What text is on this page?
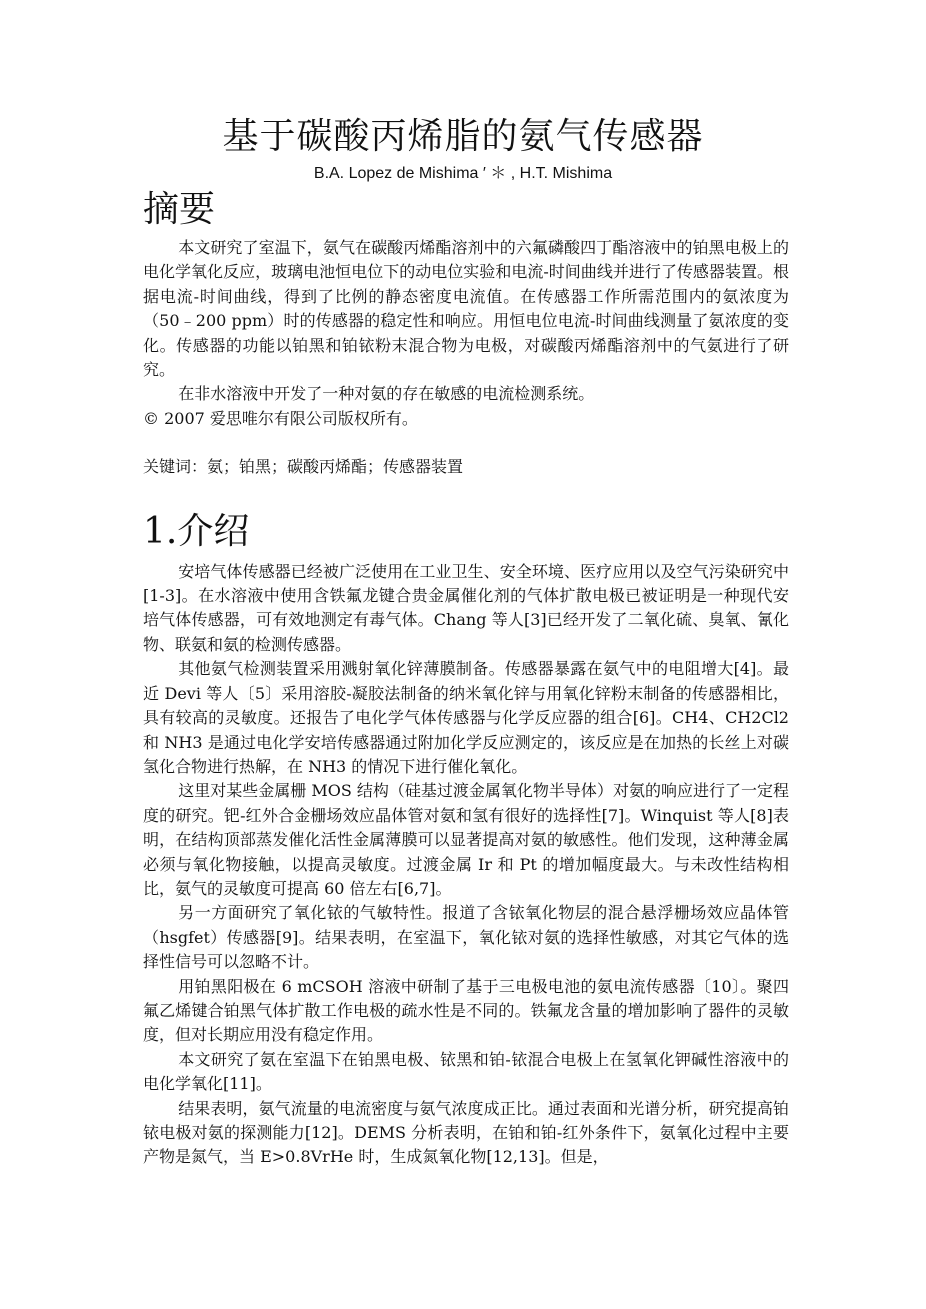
基于碳酸丙烯脂的氨气传感器
B.A. Lopez de Mishima ′ ＊ , H.T. Mishima
摘要

本文研究了室温下，氨气在碳酸丙烯酯溶剂中的六氟磷酸四丁酯溶液中的铂黑电极上的电化学氧化反应，玻璃电池恒电位下的动电位实验和电流-时间曲线并进行了传感器装置。根据电流-时间曲线，得到了比例的静态密度电流值。在传感器工作所需范围内的氨浓度为（50﹣200 ppm）时的传感器的稳定性和响应。用恒电位电流-时间曲线测量了氨浓度的变化。传感器的功能以铂黑和铂铱粉末混合物为电极，对碳酸丙烯酯溶剂中的气氨进行了研究。

在非水溶液中开发了一种对氨的存在敏感的电流检测系统。

© 2007 爱思唯尔有限公司版权所有。

关键词：氨；铂黑；碳酸丙烯酯；传感器装置

1.介绍

安培气体传感器已经被广泛使用在工业卫生、安全环境、医疗应用以及空气污染研究中[1-3]。在水溶液中使用含铁氟龙键合贵金属催化剂的气体扩散电极已被证明是一种现代安培气体传感器，可有效地测定有毒气体。Chang 等人[3]已经开发了二氧化硫、臭氧、氰化物、联氨和氨的检测传感器。

其他氨气检测装置采用溅射氧化锌薄膜制备。传感器暴露在氨气中的电阻增大[4]。最近 Devi 等人〔5〕采用溶胶-凝胶法制备的纳米氧化锌与用氧化锌粉末制备的传感器相比，具有较高的灵敏度。还报告了电化学气体传感器与化学反应器的组合[6]。CH4、CH2Cl2 和 NH3 是通过电化学安培传感器通过附加化学反应测定的，该反应是在加热的长丝上对碳氢化合物进行热解，在 NH3 的情况下进行催化氧化。

这里对某些金属栅 MOS 结构（硅基过渡金属氧化物半导体）对氨的响应进行了一定程度的研究。钯-红外合金栅场效应晶体管对氨和氢有很好的选择性[7]。Winquist 等人[8]表明，在结构顶部蒸发催化活性金属薄膜可以显著提高对氨的敏感性。他们发现，这种薄金属必须与氧化物接触，以提高灵敏度。过渡金属 Ir 和 Pt 的增加幅度最大。与未改性结构相比，氨气的灵敏度可提高 60 倍左右[6,7]。

另一方面研究了氧化铱的气敏特性。报道了含铱氧化物层的混合悬浮栅场效应晶体管（hsgfet）传感器[9]。结果表明，在室温下，氧化铱对氨的选择性敏感，对其它气体的选择性信号可以忽略不计。

用铂黑阳极在 6 mCSOH 溶液中研制了基于三电极电池的氨电流传感器〔10〕。聚四氟乙烯键合铂黑气体扩散工作电极的疏水性是不同的。铁氟龙含量的增加影响了器件的灵敏度，但对长期应用没有稳定作用。

本文研究了氨在室温下在铂黑电极、铱黑和铂-铱混合电极上在氢氧化钾碱性溶液中的电化学氧化[11]。

结果表明，氨气流量的电流密度与氨气浓度成正比。通过表面和光谱分析，研究提高铂铱电极对氨的探测能力[12]。DEMS 分析表明，在铂和铂-红外条件下，氨氧化过程中主要产物是氮气，当 E>0.8VrHe 时，生成氮氧化物[12,13]。但是，
